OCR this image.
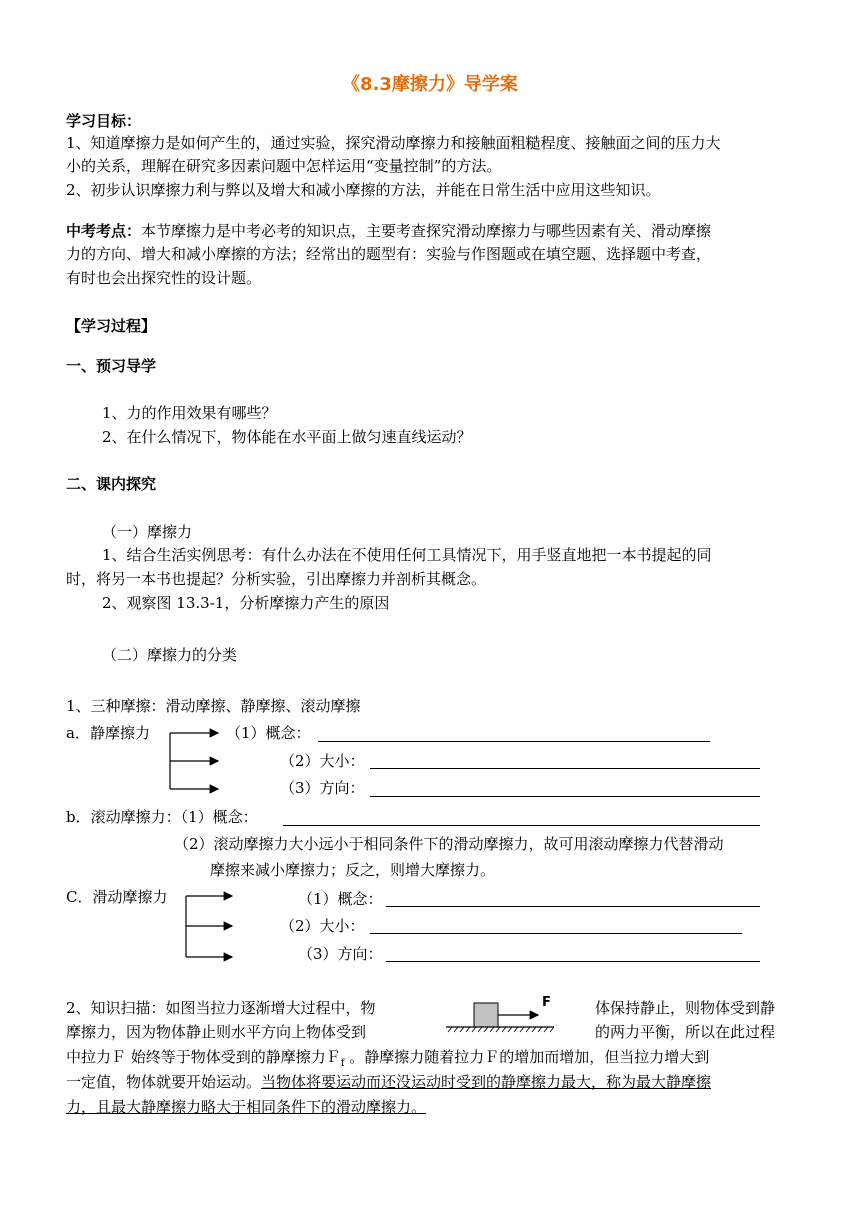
《8.3摩擦力》导学案
学习目标：
1、知道摩擦力是如何产生的，通过实验，探究滑动摩擦力和接触面粗糙程度、接触面之间的压力大
小的关系，理解在研究多因素问题中怎样运用“变量控制”的方法。
2、初步认识摩擦力利与弊以及增大和减小摩擦的方法，并能在日常生活中应用这些知识。
中考考点：本节摩擦力是中考必考的知识点，主要考查探究滑动摩擦力与哪些因素有关、滑动摩擦
力的方向、增大和减小摩擦的方法；经常出的题型有：实验与作图题或在填空题、选择题中考查，
有时也会出探究性的设计题。
【学习过程】
一、预习导学
1、力的作用效果有哪些？
2、在什么情况下，物体能在水平面上做匀速直线运动？
二、课内探究
（一）摩擦力
1、结合生活实例思考：有什么办法在不使用任何工具情况下，用手竖直地把一本书提起的同
时，将另一本书也提起？分析实验，引出摩擦力并剖析其概念。
2、观察图 13.3-1，分析摩擦力产生的原因
（二）摩擦力的分类
1、三种摩擦：滑动摩擦、静摩擦、滚动摩擦
a．静摩擦力	（1）概念：
（2）大小：
（3）方向：
b．滚动摩擦力：（1）概念：
（2）滚动摩擦力大小远小于相同条件下的滑动摩擦力，故可用滚动摩擦力代替滑动
摩擦来减小摩擦力；反之，则增大摩擦力。
C．滑动摩擦力	（1）概念：
（2）大小：
（3）方向：
F
2、知识扫描：如图当拉力逐渐增大过程中，物	体保持静止，则物体受到静
摩擦力，因为物体静止则水平方向上物体受到	的两力平衡，所以在此过程
中拉力Ｆ 始终等于物体受到的静摩擦力Ｆ$_f$ 。静摩擦力随着拉力Ｆ的增加而增加，但当拉力增大到
一定值，物体就要开始运动。当物体将要运动而还没运动时受到的静摩擦力最大，称为最大静摩擦
力，且最大静摩擦力略大于相同条件下的滑动摩擦力。
